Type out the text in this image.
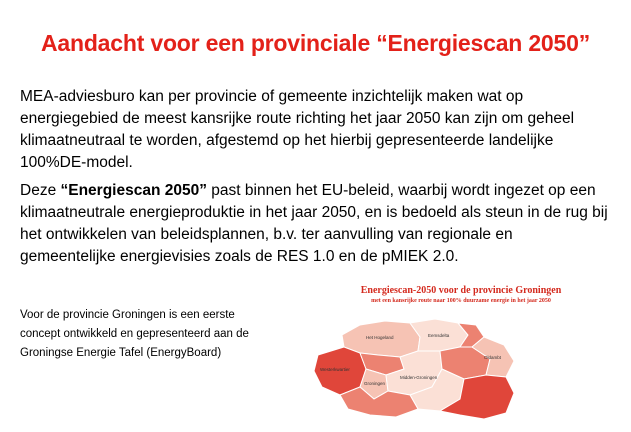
Aandacht voor een provinciale “Energiescan 2050”
MEA-adviesburo kan per provincie of gemeente inzichtelijk maken wat op energiegebied de meest kansrijke route richting het jaar 2050 kan zijn om geheel klimaatneutraal te worden, afgestemd op het hierbij gepresenteerde landelijke 100%DE-model.
Deze “Energiescan 2050” past binnen het EU-beleid, waarbij wordt ingezet op een klimaatneutrale energieproduktie in het jaar 2050, en is bedoeld als steun in de rug bij het ontwikkelen van beleidsplannen, b.v. ter aanvulling van regionale en gemeentelijke energievisies zoals de RES 1.0 en de pMIEK 2.0.
Voor de provincie Groningen is een eerste concept ontwikkeld en gepresenteerd aan de Groningse Energie Tafel (EnergyBoard)
Energiescan-2050 voor de provincie Groningen
met een kansrijke route naar 100% duurzame energie in het jaar 2050
Het Hogeland	Eemsdelta
Westerkwartier
Groningen
Midden-Groningen
Oldambt
